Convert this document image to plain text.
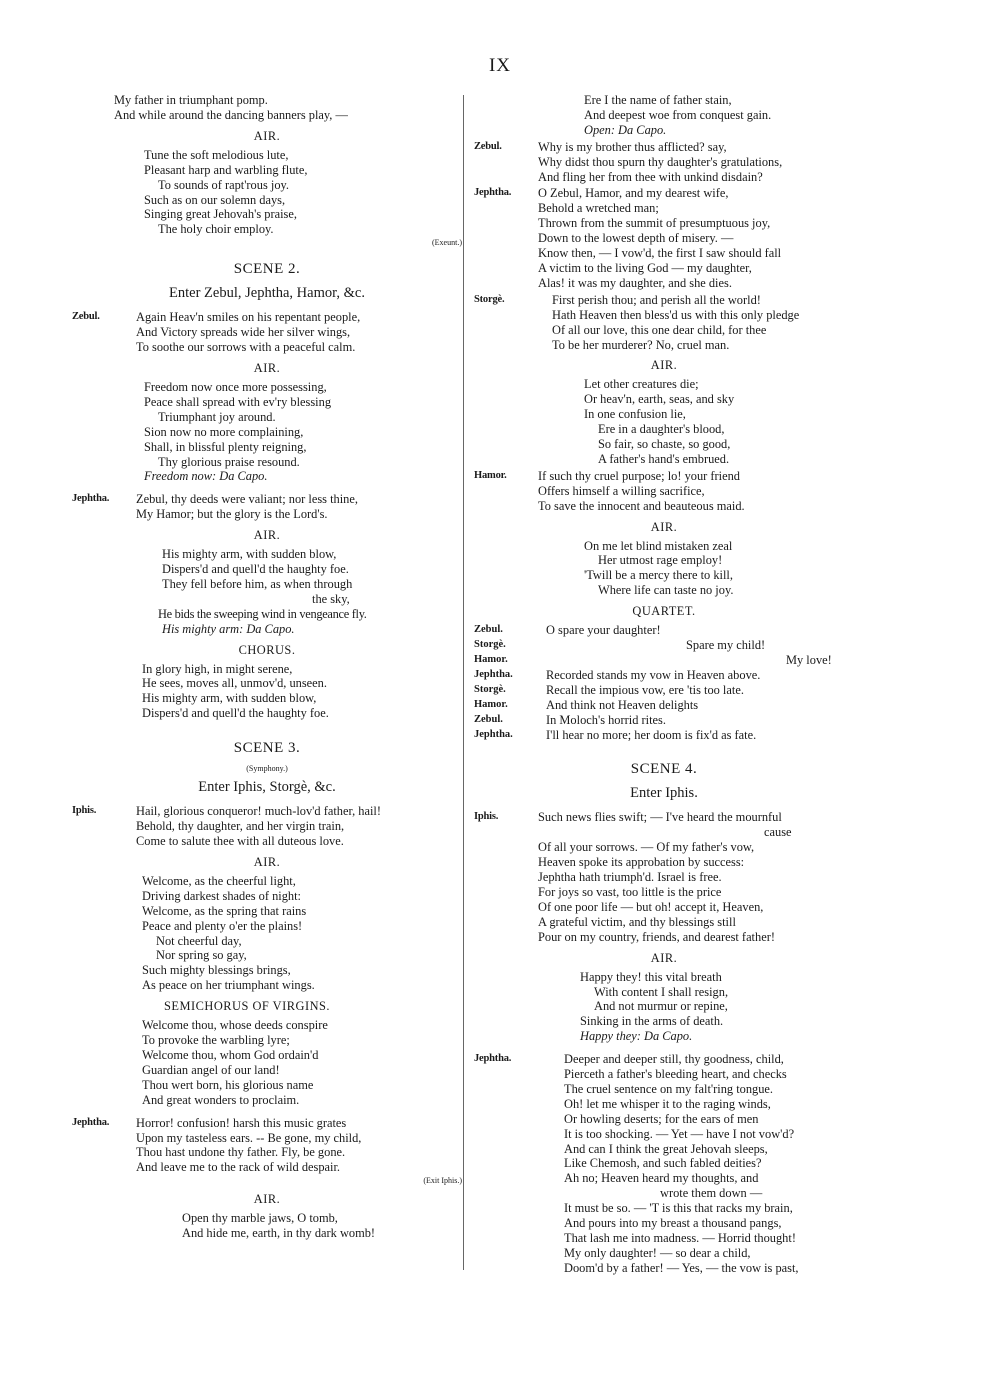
IX
My father in triumphant pomp.
And while around the dancing banners play, —
AIR.
Tune the soft melodious lute,
Pleasant harp and warbling flute,
To sounds of rapt'rous joy.
Such as on our solemn days,
Singing great Jehovah's praise,
The holy choir employ.
(Exeunt.)
SCENE 2.
Enter Zebul, Jephtha, Hamor, &c.
Zebul.	Again Heav'n smiles on his repentant people,
And Victory spreads wide her silver wings,
To soothe our sorrows with a peaceful calm.
AIR.
Freedom now once more possessing,
Peace shall spread with ev'ry blessing
Triumphant joy around.
Sion now no more complaining,
Shall, in blissful plenty reigning,
Thy glorious praise resound.
Freedom now: Da Capo.
Jephtha.	Zebul, thy deeds were valiant; nor less thine,
My Hamor; but the glory is the Lord's.
AIR.
His mighty arm, with sudden blow,
Dispers'd and quell'd the haughty foe.
They fell before him, as when through
the sky,
He bids the sweeping wind in vengeance fly.
His mighty arm: Da Capo.
CHORUS.
In glory high, in might serene,
He sees, moves all, unmov'd, unseen.
His mighty arm, with sudden blow,
Dispers'd and quell'd the haughty foe.
SCENE 3.
(Symphony.)
Enter Iphis, Storgè, &c.
Iphis.	Hail, glorious conqueror! much-lov'd father, hail!
Behold, thy daughter, and her virgin train,
Come to salute thee with all duteous love.
AIR.
Welcome, as the cheerful light,
Driving darkest shades of night:
Welcome, as the spring that rains
Peace and plenty o'er the plains!
Not cheerful day,
Nor spring so gay,
Such mighty blessings brings,
As peace on her triumphant wings.
SEMICHORUS OF VIRGINS.
Welcome thou, whose deeds conspire
To provoke the warbling lyre;
Welcome thou, whom God ordain'd
Guardian angel of our land!
Thou wert born, his glorious name
And great wonders to proclaim.
Jephtha.	Horror! confusion! harsh this music grates
Upon my tasteless ears. -- Be gone, my child,
Thou hast undone thy father. Fly, be gone.
And leave me to the rack of wild despair.
(Exit Iphis.)
AIR.
Open thy marble jaws, O tomb,
And hide me, earth, in thy dark womb!
Ere I the name of father stain,
And deepest woe from conquest gain.
Open: Da Capo.
Zebul.	Why is my brother thus afflicted? say,
Why didst thou spurn thy daughter's gratulations,
And fling her from thee with unkind disdain?
Jephtha.	O Zebul, Hamor, and my dearest wife,
Behold a wretched man;
Thrown from the summit of presumptuous joy,
Down to the lowest depth of misery. —
Know then, — I vow'd, the first I saw should fall
A victim to the living God — my daughter,
Alas! it was my daughter, and she dies.
Storgè.	First perish thou; and perish all the world!
Hath Heaven then bless'd us with this only pledge
Of all our love, this one dear child, for thee
To be her murderer? No, cruel man.
AIR.
Let other creatures die;
Or heav'n, earth, seas, and sky
In one confusion lie,
Ere in a daughter's blood,
So fair, so chaste, so good,
A father's hand's embrued.
Hamor.	If such thy cruel purpose; lo! your friend
Offers himself a willing sacrifice,
To save the innocent and beauteous maid.
AIR.
On me let blind mistaken zeal
Her utmost rage employ!
'Twill be a mercy there to kill,
Where life can taste no joy.
QUARTET.
Zebul.	O spare your daughter!
Storgè.	Spare my child!
Hamor.	My love!
Jephtha.	Recorded stands my vow in Heaven above.
Storgè.	Recall the impious vow, ere 'tis too late.
Hamor.	And think not Heaven delights
Zebul.	In Moloch's horrid rites.
Jephtha.	I'll hear no more; her doom is fix'd as fate.
SCENE 4.
Enter Iphis.
Iphis.	Such news flies swift; — I've heard the mournful
cause
Of all your sorrows. — Of my father's vow,
Heaven spoke its approbation by success:
Jephtha hath triumph'd. Israel is free.
For joys so vast, too little is the price
Of one poor life — but oh! accept it, Heaven,
A grateful victim, and thy blessings still
Pour on my country, friends, and dearest father!
AIR.
Happy they! this vital breath
With content I shall resign,
And not murmur or repine,
Sinking in the arms of death.
Happy they: Da Capo.
Jephtha.	Deeper and deeper still, thy goodness, child,
Pierceth a father's bleeding heart, and checks
The cruel sentence on my falt'ring tongue.
Oh! let me whisper it to the raging winds,
Or howling deserts; for the ears of men
It is too shocking. — Yet — have I not vow'd?
And can I think the great Jehovah sleeps,
Like Chemosh, and such fabled deities?
Ah no; Heaven heard my thoughts, and
wrote them down —
It must be so. — 'T is this that racks my brain,
And pours into my breast a thousand pangs,
That lash me into madness. — Horrid thought!
My only daughter! — so dear a child,
Doom'd by a father! — Yes, — the vow is past,
